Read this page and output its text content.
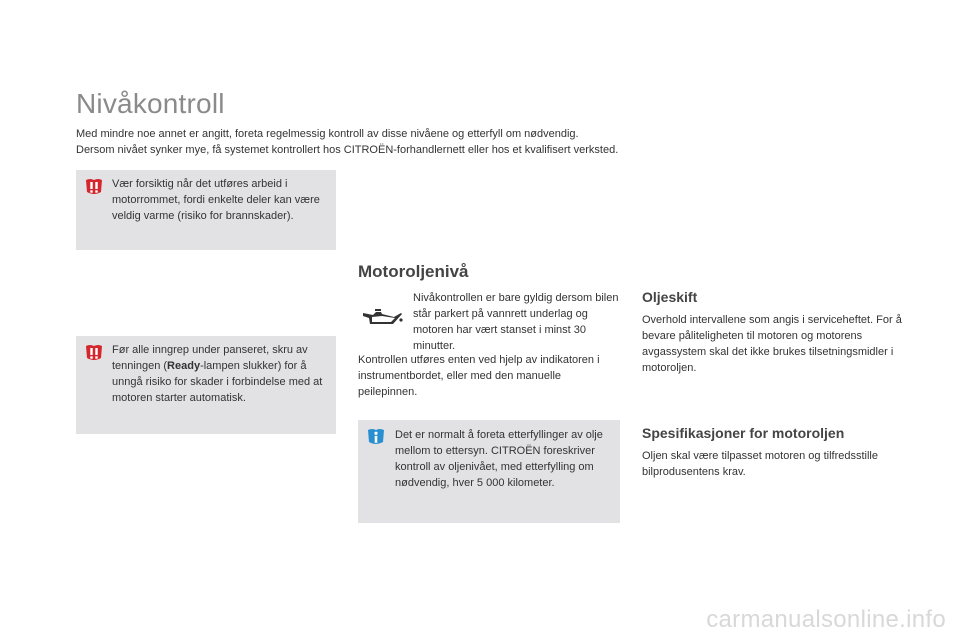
Nivåkontroll
Med mindre noe annet er angitt, foreta regelmessig kontroll av disse nivåene og etterfyll om nødvendig.
Dersom nivået synker mye, få systemet kontrollert hos CITROËN-forhandlernett eller hos et kvalifisert verksted.
Vær forsiktig når det utføres arbeid i motorrommet, fordi enkelte deler kan være veldig varme (risiko for brannskader).
Før alle inngrep under panseret, skru av tenningen (Ready-lampen slukker) for å unngå risiko for skader i forbindelse med at motoren starter automatisk.
Motoroljenivå
Nivåkontrollen er bare gyldig dersom bilen står parkert på vannrett underlag og motoren har vært stanset i minst 30 minutter.
Kontrollen utføres enten ved hjelp av indikatoren i instrumentbordet, eller med den manuelle peilepinnen.
Det er normalt å foreta etterfyllinger av olje mellom to ettersyn. CITROËN foreskriver kontroll av oljenivået, med etterfylling om nødvendig, hver 5 000 kilometer.
Oljeskift
Overhold intervallene som angis i serviceheftet. For å bevare påliteligheten til motoren og motorens avgassystem skal det ikke brukes tilsetningsmidler i motoroljen.
Spesifikasjoner for motoroljen
Oljen skal være tilpasset motoren og tilfredsstille bilprodusentens krav.
carmanualsonline.info
